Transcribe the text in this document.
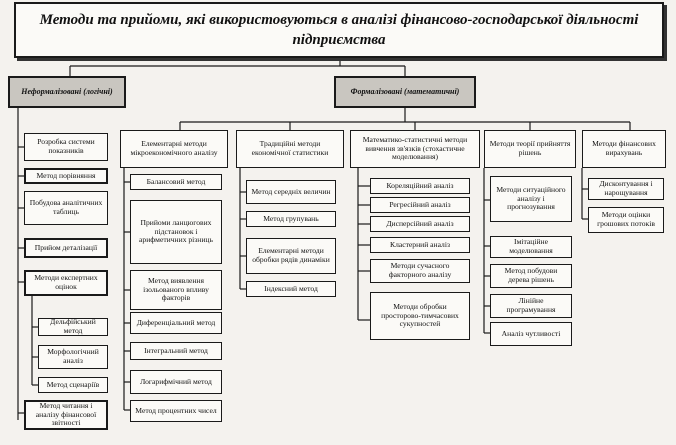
Методи та прийоми, які використовуються в аналізі фінансово-господарської діяльності підприємства
Неформалізовані (логічні)
Розробка системи показників
Метод порівняння
Побудова аналітичних таблиць
Прийом деталізації
Методи експертних оцінок
Дельфійський метод
Морфологічний аналіз
Метод сценаріїв
Метод читання і аналізу фінансової звітності
Формалізовані (математичні)
Елементарні методи мікроекономічного аналізу
Балансовий метод
Прийоми ланцюгових підстановок і арифметичних різниць
Метод виявлення ізольованого впливу факторів
Диференціальний метод
Інтегральний метод
Логарифмічний метод
Метод процентних чисел
Традиційні методи економічної статистики
Метод середніх величин
Метод групувань
Елементарні методи обробки рядів динаміки
Індексний метод
Математико-статистичні методи вивчення зв'язків (стохастичне моделювання)
Кореляційний аналіз
Регресійний аналіз
Дисперсійний аналіз
Кластерний аналіз
Методи сучасного факторного аналізу
Методи обробки просторово-тимчасових сукупностей
Методи теорії прийняття рішень
Методи ситуаційного аналізу і прогнозування
Імітаційне моделювання
Метод побудови дерева рішень
Лінійне програмування
Аналіз чутливості
Методи фінансових вирахувань
Дисконтування і нарощування
Методи оцінки грошових потоків
